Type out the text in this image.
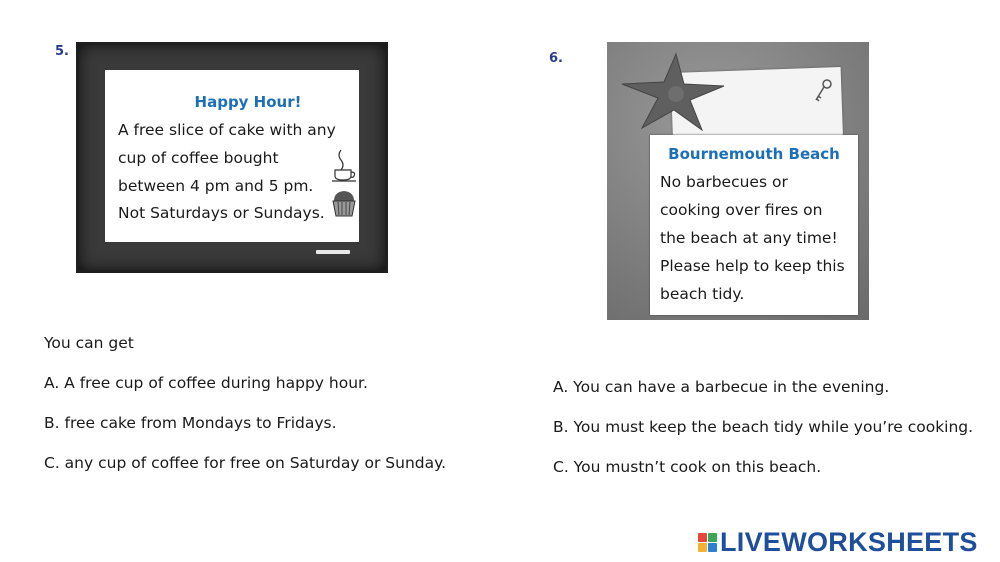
5.
Happy Hour!
A free slice of cake with any
cup of coffee bought
between 4 pm and 5 pm.
Not Saturdays or Sundays.
You can get
A. A free cup of coffee during happy hour.
B. free cake from Mondays to Fridays.
C. any cup of coffee for free on Saturday or Sunday.
6.
Bournemouth Beach
No barbecues or
cooking over fires on
the beach at any time!
Please help to keep this
beach tidy.
A. You can have a barbecue in the evening.
B. You must keep the beach tidy while you’re cooking.
C. You mustn’t cook on this beach.
LIVEWORKSHEETS
